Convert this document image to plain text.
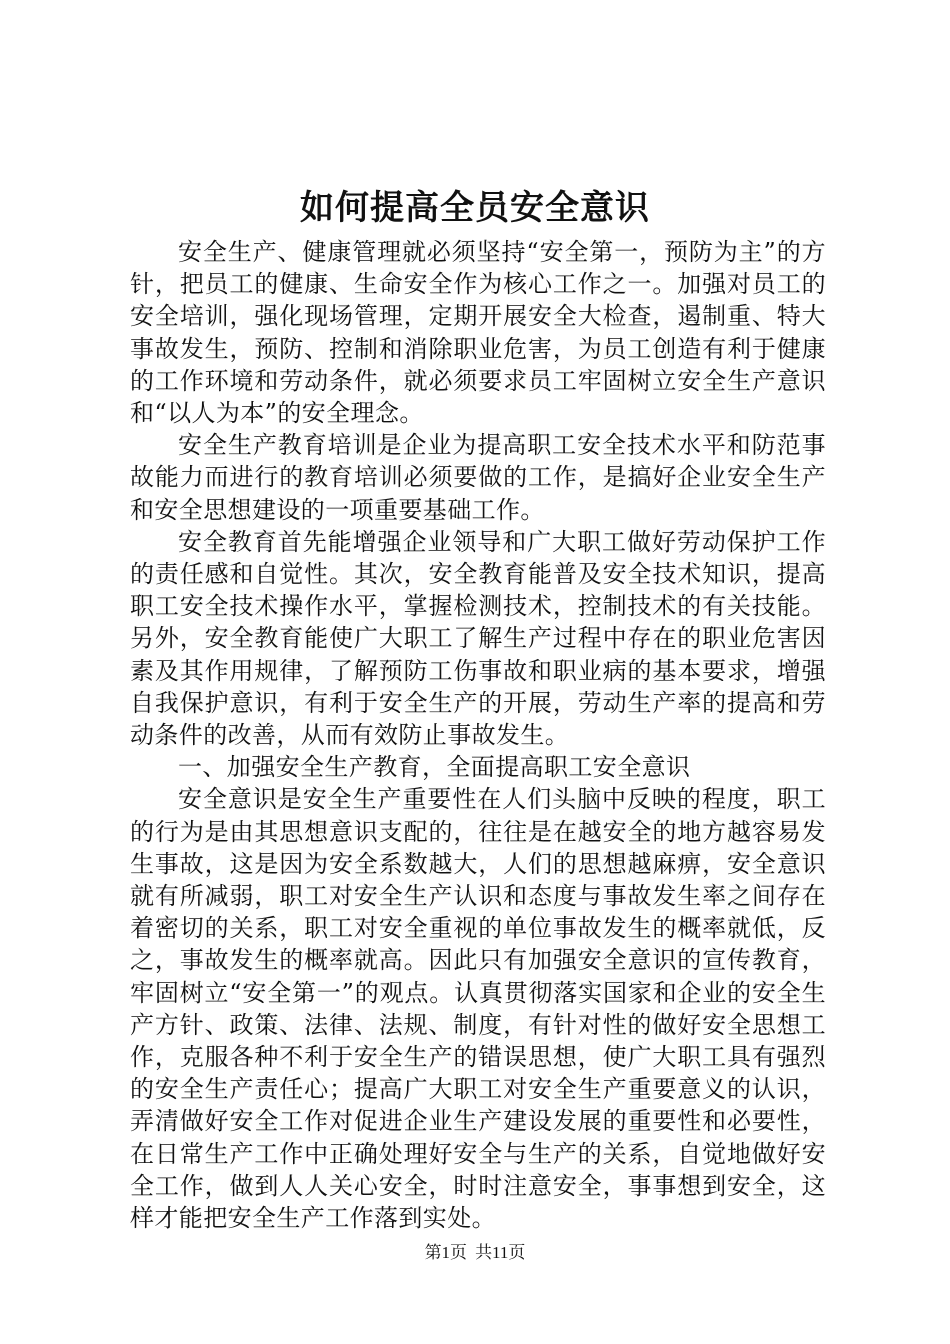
如何提高全员安全意识

安全生产、健康管理就必须坚持“安全第一，预防为主”的方针，把员工的健康、生命安全作为核心工作之一。加强对员工的安全培训，强化现场管理，定期开展安全大检查，遏制重、特大事故发生，预防、控制和消除职业危害，为员工创造有利于健康的工作环境和劳动条件，就必须要求员工牢固树立安全生产意识和“以人为本”的安全理念。

安全生产教育培训是企业为提高职工安全技术水平和防范事故能力而进行的教育培训必须要做的工作，是搞好企业安全生产和安全思想建设的一项重要基础工作。

安全教育首先能增强企业领导和广大职工做好劳动保护工作的责任感和自觉性。其次，安全教育能普及安全技术知识，提高职工安全技术操作水平，掌握检测技术，控制技术的有关技能。另外，安全教育能使广大职工了解生产过程中存在的职业危害因素及其作用规律，了解预防工伤事故和职业病的基本要求，增强自我保护意识，有利于安全生产的开展，劳动生产率的提高和劳动条件的改善，从而有效防止事故发生。

一、加强安全生产教育，全面提高职工安全意识

安全意识是安全生产重要性在人们头脑中反映的程度，职工的行为是由其思想意识支配的，往往是在越安全的地方越容易发生事故，这是因为安全系数越大，人们的思想越麻痹，安全意识就有所减弱，职工对安全生产认识和态度与事故发生率之间存在着密切的关系，职工对安全重视的单位事故发生的概率就低，反之，事故发生的概率就高。因此只有加强安全意识的宣传教育，牢固树立“安全第一”的观点。认真贯彻落实国家和企业的安全生产方针、政策、法律、法规、制度，有针对性的做好安全思想工作，克服各种不利于安全生产的错误思想，使广大职工具有强烈的安全生产责任心；提高广大职工对安全生产重要意义的认识，弄清做好安全工作对促进企业生产建设发展的重要性和必要性，在日常生产工作中正确处理好安全与生产的关系，自觉地做好安全工作，做到人人关心安全，时时注意安全，事事想到安全，这样才能把安全生产工作落到实处。

第1页 共11页
